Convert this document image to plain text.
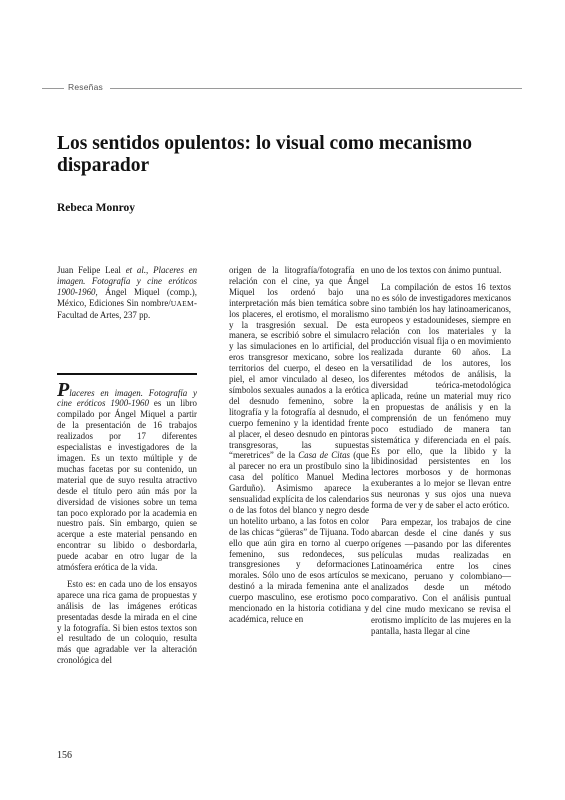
Reseñas
Los sentidos opulentos: lo visual como mecanismo disparador
Rebeca Monroy

Juan Felipe Leal et al., Placeres en imagen. Fotografía y cine eróticos 1900-1960, Ángel Miquel (comp.), México, Ediciones Sin nombre/UAEM-Facultad de Artes, 237 pp.

Placeres en imagen. Fotografía y cine eróticos 1900-1960 es un libro compilado por Ángel Miquel a partir de la presentación de 16 trabajos realizados por 17 diferentes especialistas e investigadores de la imagen. Es un texto múltiple y de muchas facetas por su contenido, un material que de suyo resulta atractivo desde el título pero aún más por la diversidad de visiones sobre un tema tan poco explorado por la academia en nuestro país. Sin embargo, quien se acerque a este material pensando en encontrar su libido o desbordarla, puede acabar en otro lugar de la atmósfera erótica de la vida.

Esto es: en cada uno de los ensayos aparece una rica gama de propuestas y análisis de las imágenes eróticas presentadas desde la mirada en el cine y la fotografía. Si bien estos textos son el resultado de un coloquio, resulta más que agradable ver la alteración cronológica del

origen de la litografía/fotografía en relación con el cine, ya que Ángel Miquel los ordenó bajo una interpretación más bien temática sobre los placeres, el erotismo, el moralismo y la trasgresión sexual. De esta manera, se escribió sobre el simulacro y las simulaciones en lo artificial, del eros transgresor mexicano, sobre los territorios del cuerpo, el deseo en la piel, el amor vinculado al deseo, los símbolos sexuales aunados a la erótica del desnudo femenino, sobre la litografía y la fotografía al desnudo, el cuerpo femenino y la identidad frente al placer, el deseo desnudo en pintoras transgresoras, las supuestas “meretrices” de la Casa de Citas (que al parecer no era un prostíbulo sino la casa del político Manuel Medina Garduño). Asimismo aparece la sensualidad explícita de los calendarios o de las fotos del blanco y negro desde un hotelito urbano, a las fotos en color de las chicas “güeras” de Tijuana. Todo ello que aún gira en torno al cuerpo femenino, sus redondeces, sus transgresiones y deformaciones morales. Sólo uno de esos artículos se destinó a la mirada femenina ante el cuerpo masculino, ese erotismo poco mencionado en la historia cotidiana y académica, reluce en

uno de los textos con ánimo puntual.

La compilación de estos 16 textos no es sólo de investigadores mexicanos sino también los hay latinoamericanos, europeos y estadounideses, siempre en relación con los materiales y la producción visual fija o en movimiento realizada durante 60 años. La versatilidad de los autores, los diferentes métodos de análisis, la diversidad teórica-metodológica aplicada, reúne un material muy rico en propuestas de análisis y en la comprensión de un fenómeno muy poco estudiado de manera tan sistemática y diferenciada en el país. Es por ello, que la libido y la libidinosidad persistentes en los lectores morbosos y de hormonas exuberantes a lo mejor se llevan entre sus neuronas y sus ojos una nueva forma de ver y de saber el acto erótico.

Para empezar, los trabajos de cine abarcan desde el cine danés y sus orígenes —pasando por las diferentes películas mudas realizadas en Latinoamérica entre los cines mexicano, peruano y colombiano— analizados desde un método comparativo. Con el análisis puntual del cine mudo mexicano se revisa el erotismo implícito de las mujeres en la pantalla, hasta llegar al cine

156
